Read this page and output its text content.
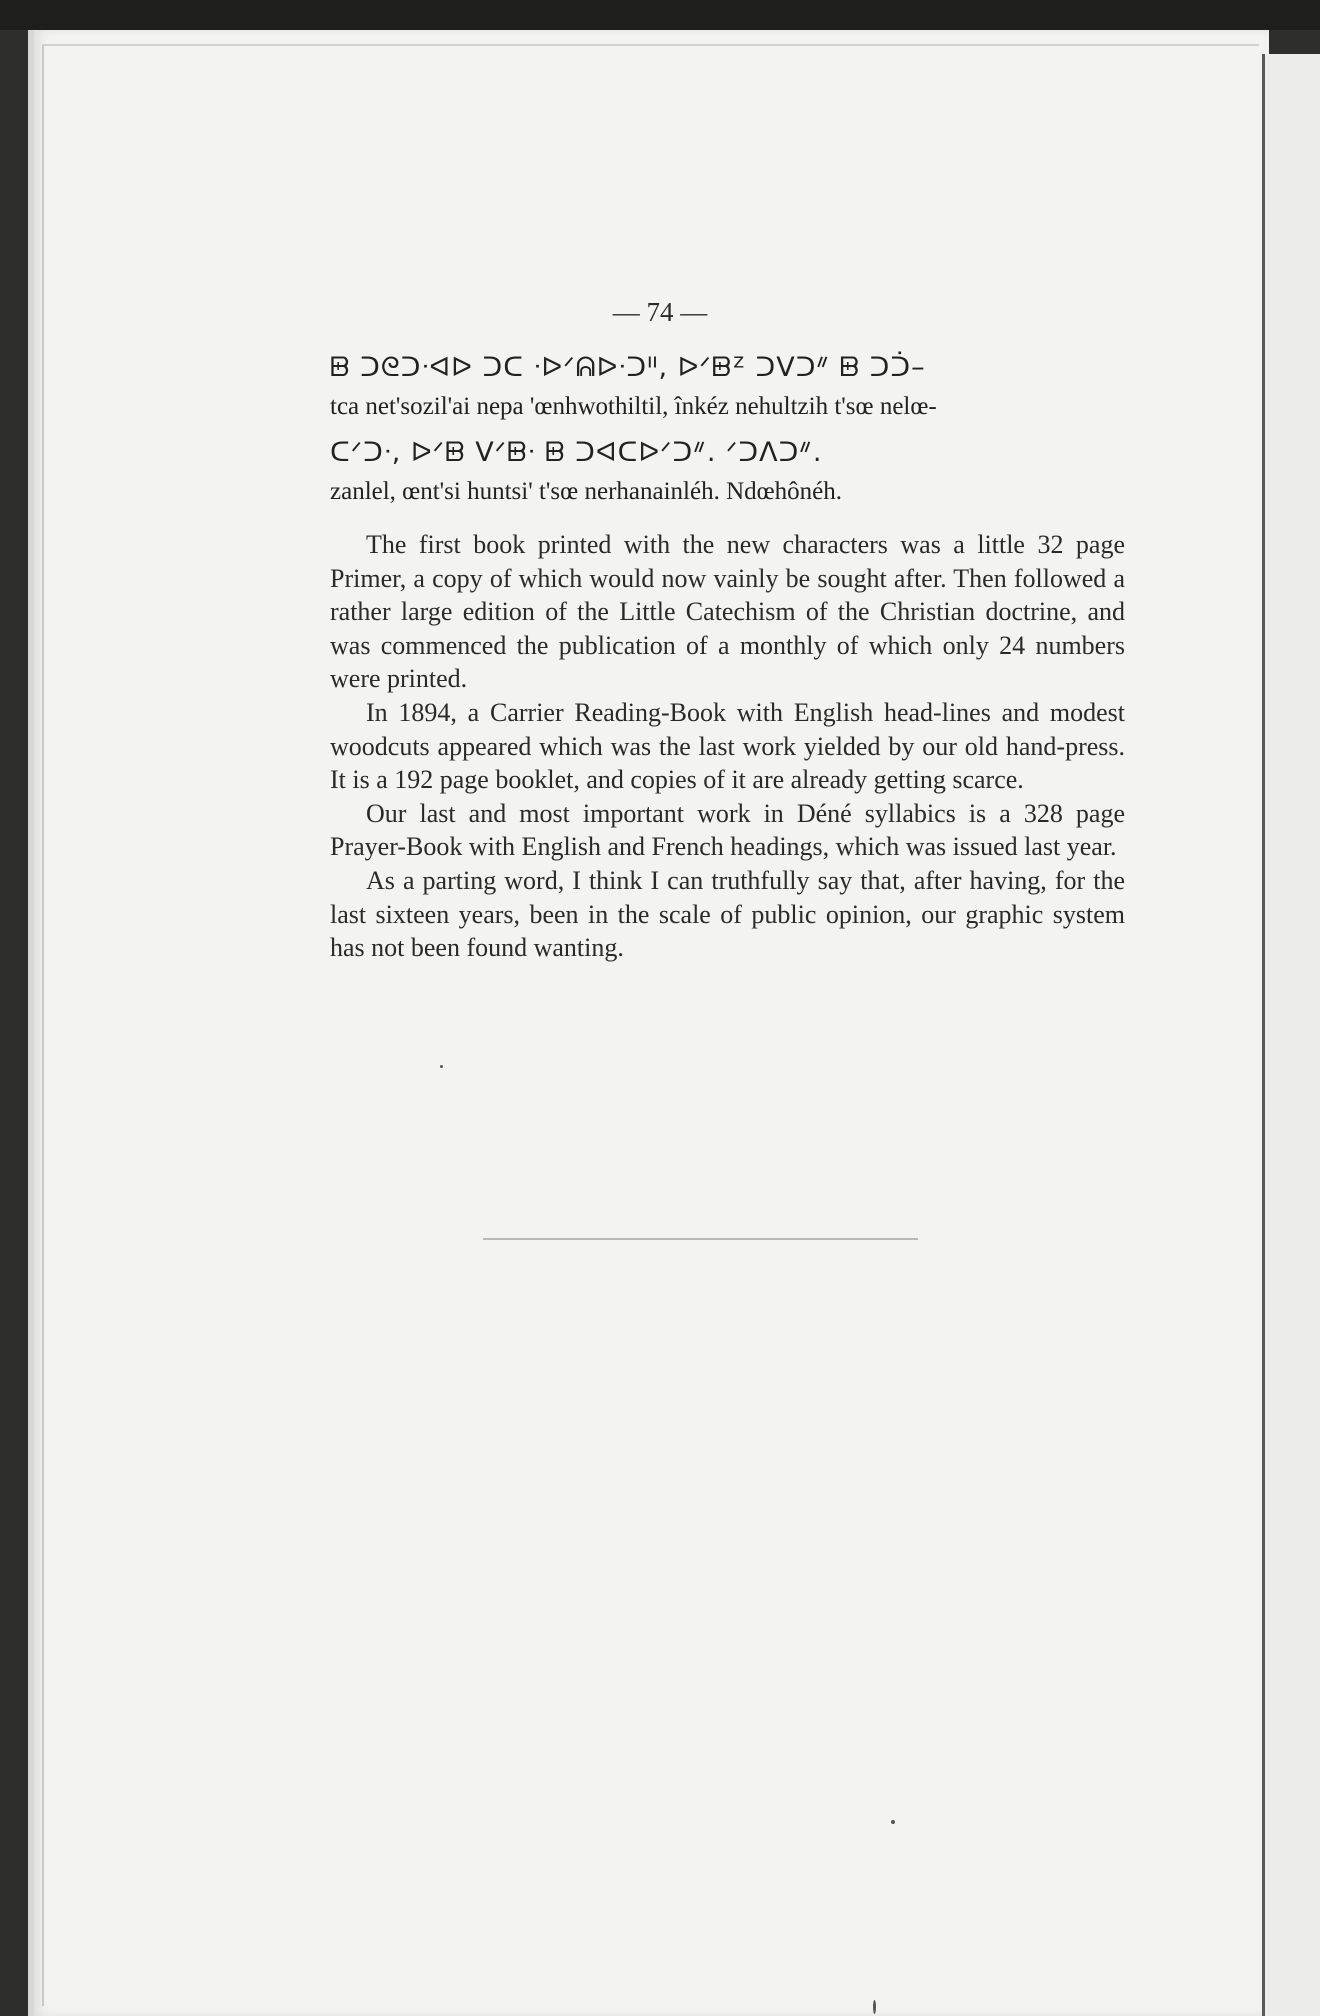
— 74 —
ᗸ ᑐᘓᑐᐧᐊᐅ ᑐᑕ ᐧᐅᐟᕱᐅᐧᑐᐦ, ᐅᐟᗸᙆ ᑐᐯᑐᐥ ᗸ ᑐᑑ–
tca net'sozil'ai nepa 'œnhwothiltil, înkéz nehultzih t'sœ nelœ-
ᑕᐟᑐᐧ, ᐅᐟᗸ ᐯᐟᗸᐧ ᗸ ᑐᐊᑕᐅᐟᑐᐥ. ᐟᑐᐱᑐᐥ.
zanlel, œnt'si huntsi' t'sœ nerhanainléh. Ndœhônéh.

The first book printed with the new characters was a little 32 page Primer, a copy of which would now vainly be sought after. Then followed a rather large edition of the Little Catechism of the Christian doctrine, and was commenced the publication of a monthly of which only 24 numbers were printed.

In 1894, a Carrier Reading-Book with English head-lines and modest woodcuts appeared which was the last work yielded by our old hand-press. It is a 192 page booklet, and copies of it are already getting scarce.

Our last and most important work in Déné syllabics is a 328 page Prayer-Book with English and French headings, which was issued last year.

As a parting word, I think I can truthfully say that, after having, for the last sixteen years, been in the scale of public opinion, our graphic system has not been found wanting.
